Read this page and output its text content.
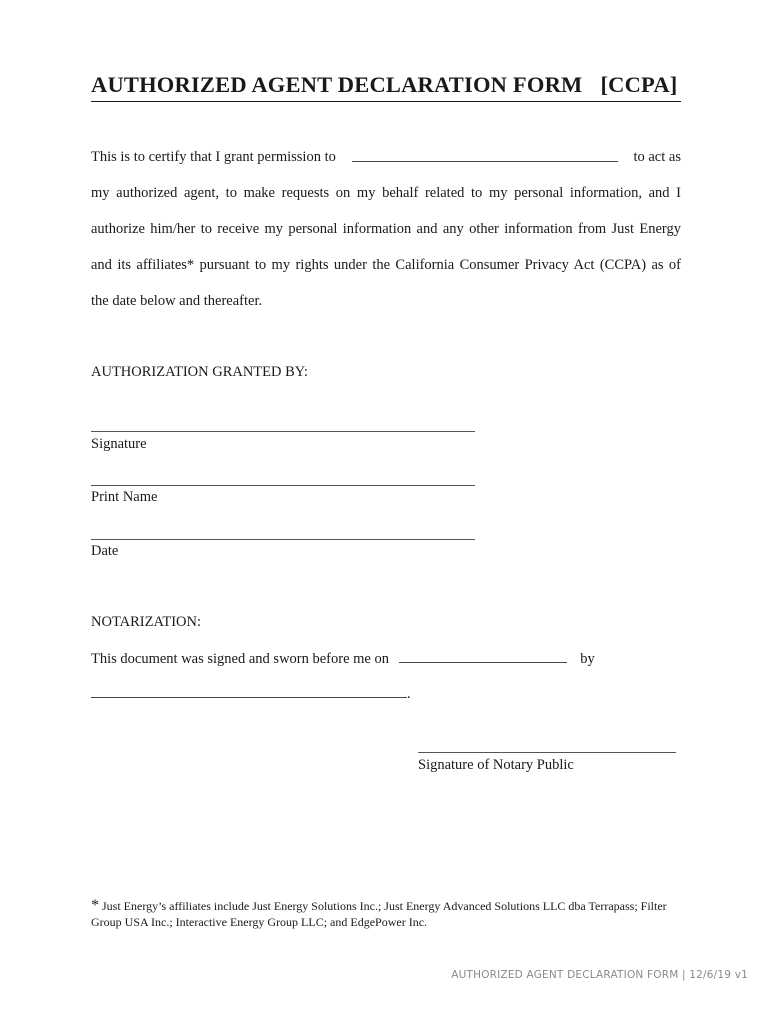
AUTHORIZED AGENT DECLARATION FORM [CCPA]
This is to certify that I grant permission to	to act as
my authorized agent, to make requests on my behalf related to my personal information, and I
authorize him/her to receive my personal information and any other information from Just Energy
and its affiliates* pursuant to my rights under the California Consumer Privacy Act (CCPA) as of
the date below and thereafter.
AUTHORIZATION GRANTED BY:
Signature
Print Name
Date
NOTARIZATION:
This document was signed and sworn before me on	by
.
Signature of Notary Public
* Just Energy’s affiliates include Just Energy Solutions Inc.; Just Energy Advanced Solutions LLC dba Terrapass; Filter Group USA Inc.; Interactive Energy Group LLC; and EdgePower Inc.
AUTHORIZED AGENT DECLARATION FORM | 12/6/19 v1
